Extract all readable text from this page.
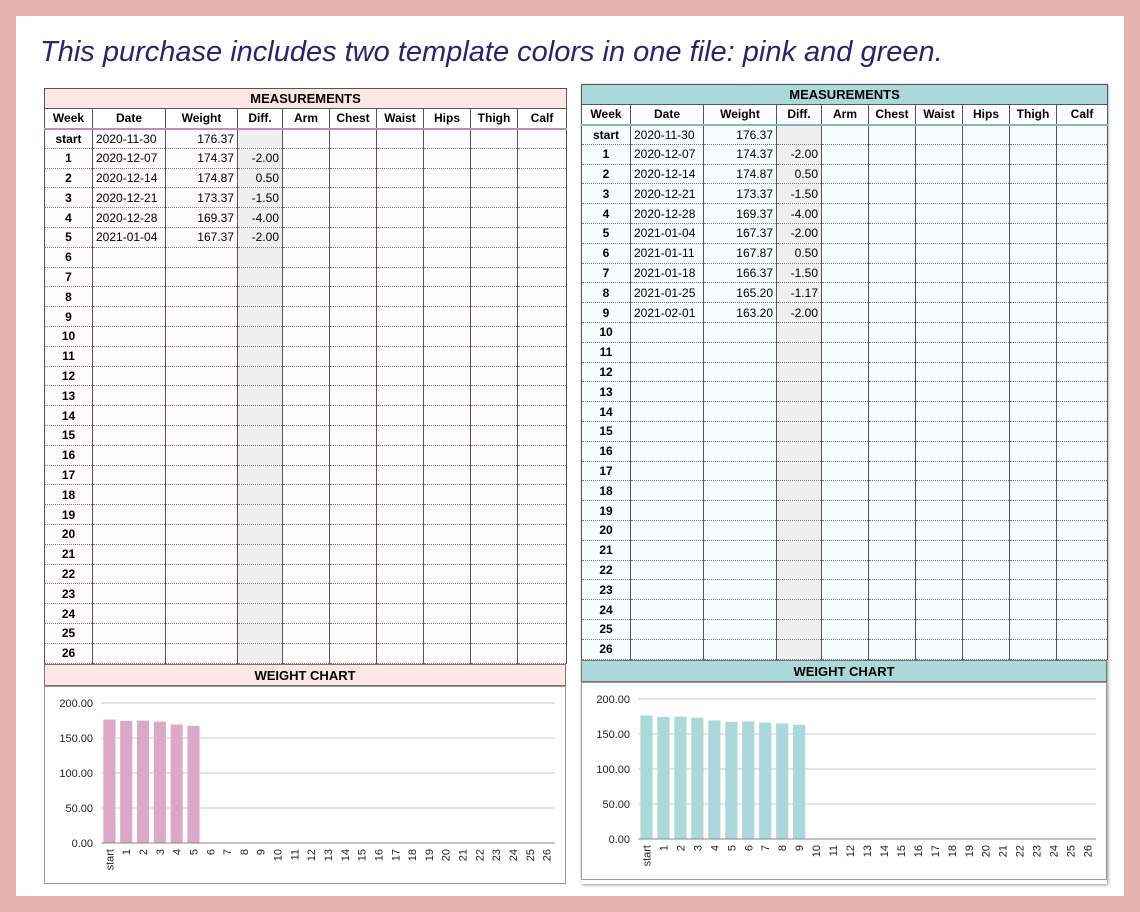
This purchase includes two template colors in one file: pink and green.
MEASUREMENTS									
Week	Date	Weight	Diff.	Arm	Chest	Waist	Hips	Thigh	Calf
start	2020-11-30	176.37							
1	2020-12-07	174.37	-2.00						
2	2020-12-14	174.87	0.50						
3	2020-12-21	173.37	-1.50						
4	2020-12-28	169.37	-4.00						
5	2021-01-04	167.37	-2.00						
6									
7									
8									
9									
10									
11									
12									
13									
14									
15									
16									
17									
18									
19									
20									
21									
22									
23									
24									
25									
26									
WEIGHT CHART
0.00
50.00
100.00
150.00
200.00
start 1 2 3 4 5 6 7 8 9 10 11 12 13 14 15 16 17 18 19 20 21 22 23 24 25 26
MEASUREMENTS									
Week	Date	Weight	Diff.	Arm	Chest	Waist	Hips	Thigh	Calf
start	2020-11-30	176.37							
1	2020-12-07	174.37	-2.00						
2	2020-12-14	174.87	0.50						
3	2020-12-21	173.37	-1.50						
4	2020-12-28	169.37	-4.00						
5	2021-01-04	167.37	-2.00						
6	2021-01-11	167.87	0.50						
7	2021-01-18	166.37	-1.50						
8	2021-01-25	165.20	-1.17						
9	2021-02-01	163.20	-2.00						
10									
11									
12									
13									
14									
15									
16									
17									
18									
19									
20									
21									
22									
23									
24									
25									
26									
WEIGHT CHART
0.00
50.00
100.00
150.00
200.00
start 1 2 3 4 5 6 7 8 9 10 11 12 13 14 15 16 17 18 19 20 21 22 23 24 25 26
